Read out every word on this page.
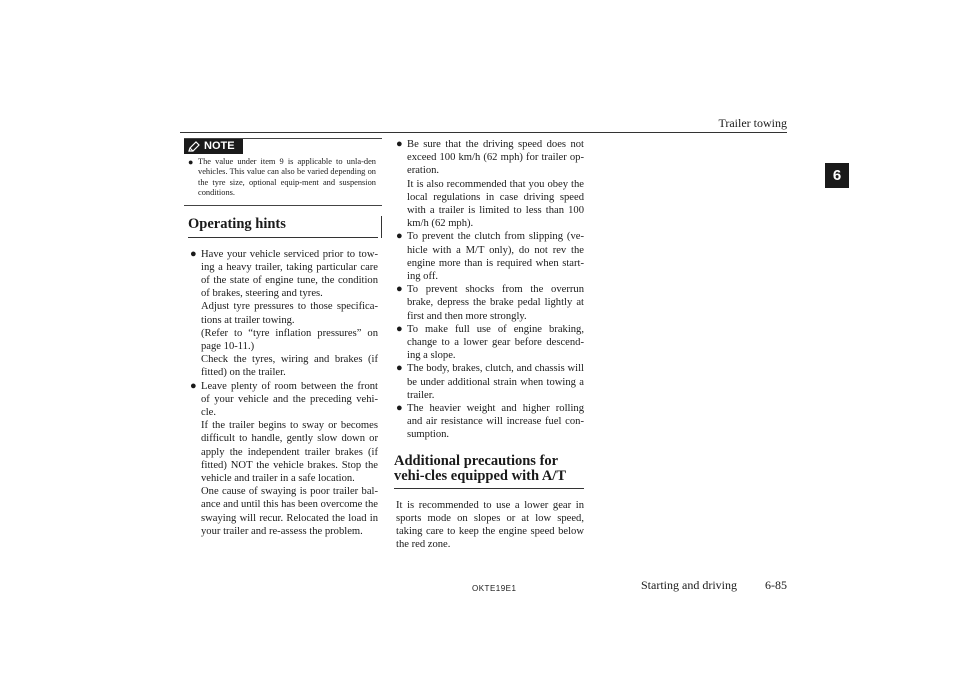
Trailer towing
6
NOTE
● The value under item 9 is applicable to unla-den vehicles. This value can also be varied depending on the tyre size, optional equip-ment and suspension conditions.
Operating hints
● Have your vehicle serviced prior to tow-ing a heavy trailer, taking particular care of the state of engine tune, the condition of brakes, steering and tyres.
Adjust tyre pressures to those specifica-tions at trailer towing.
(Refer to “tyre inflation pressures” on page 10-11.)
Check the tyres, wiring and brakes (if fitted) on the trailer.
● Leave plenty of room between the front of your vehicle and the preceding vehi-cle.
If the trailer begins to sway or becomes difficult to handle, gently slow down or apply the independent trailer brakes (if fitted) NOT the vehicle brakes. Stop the vehicle and trailer in a safe location.
One cause of swaying is poor trailer bal-ance and until this has been overcome the swaying will recur. Relocated the load in your trailer and re-assess the problem.
● Be sure that the driving speed does not exceed 100 km/h (62 mph) for trailer op-eration.
It is also recommended that you obey the local regulations in case driving speed with a trailer is limited to less than 100 km/h (62 mph).
● To prevent the clutch from slipping (ve-hicle with a M/T only), do not rev the engine more than is required when start-ing off.
● To prevent shocks from the overrun brake, depress the brake pedal lightly at first and then more strongly.
● To make full use of engine braking, change to a lower gear before descend-ing a slope.
● The body, brakes, clutch, and chassis will be under additional strain when towing a trailer.
● The heavier weight and higher rolling and air resistance will increase fuel con-sumption.
Additional precautions for vehi-cles equipped with A/T
It is recommended to use a lower gear in sports mode on slopes or at low speed, taking care to keep the engine speed below the red zone.
OKTE19E1	Starting and driving 6-85
